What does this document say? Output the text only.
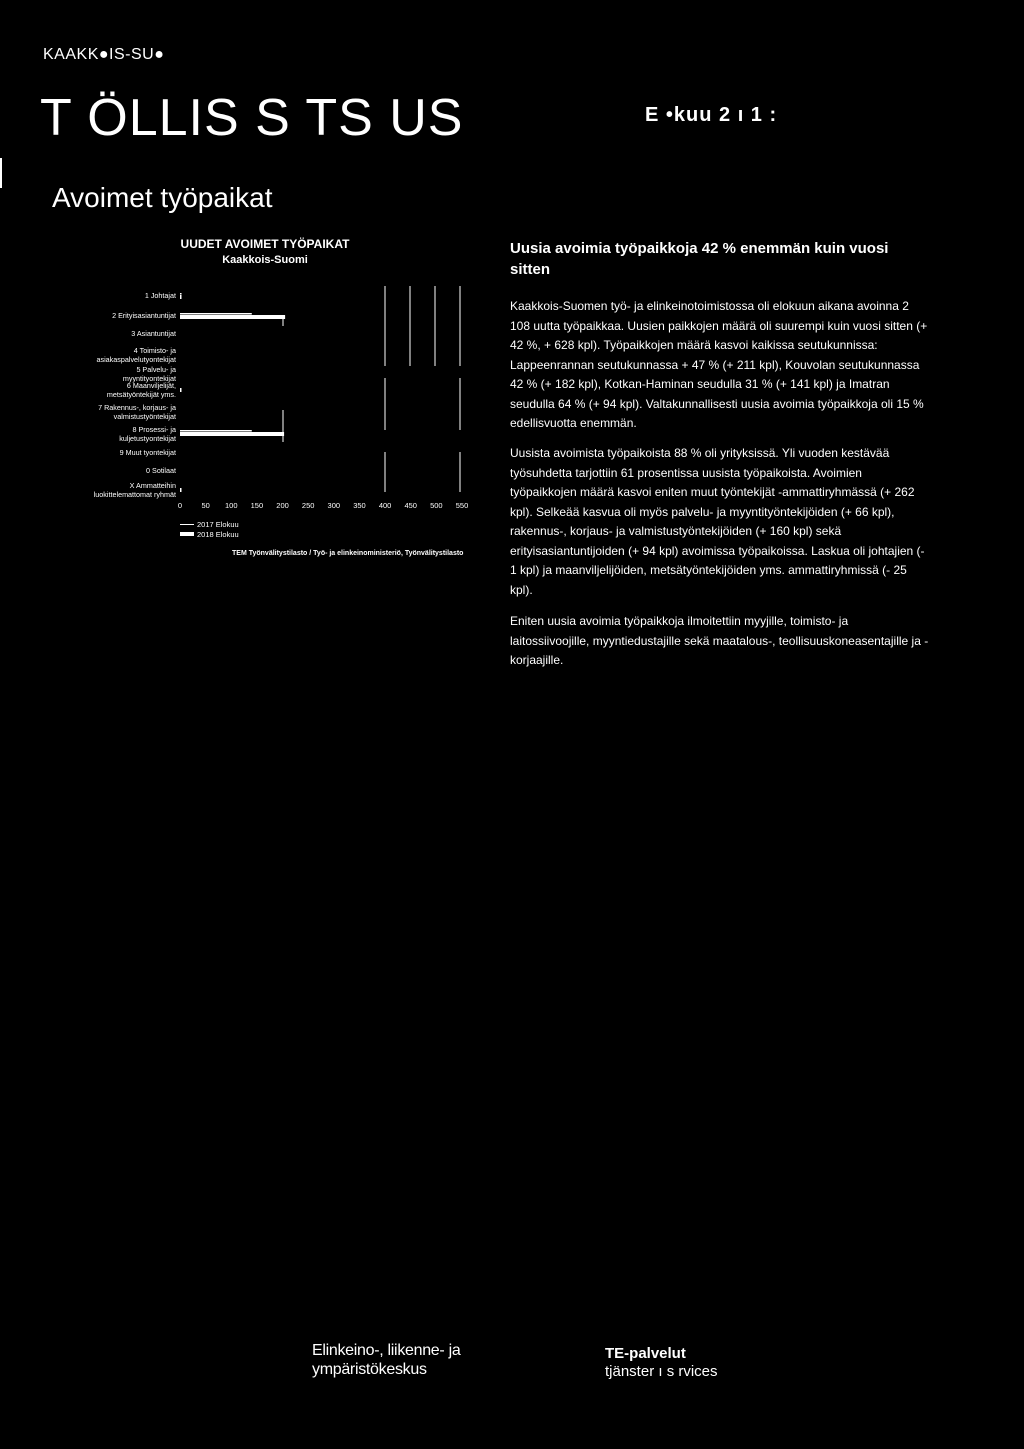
KAAKK●IS-SU●
T ÖLLIS S TS US	E •kuu 2 ı 1 :
Avoimet työpaikat
UUDET AVOIMET TYÖPAIKAT
Kaakkois-Suomi
1 Johtajat
2 Erityisasiantuntijat
3 Asiantuntijat
4 Toimisto- ja asiakaspalvelutyontekijat
5 Palvelu- ja myyntityontekijat
6 Maanviljelijät, metsätyöntekijät yms.
7 Rakennus-, korjaus- ja valmistustyöntekijat
8 Prosessi- ja kuljetustyontekijat
9 Muut tyontekijat
0 Sotilaat
X Ammatteihin luokittelemattomat ryhmät
0	50 100 150 200 250 300 350 400 450 500 550
2017 Elokuu
2018 Elokuu
TEM Työnvälitystilasto / Työ- ja elinkeinoministeriö, Työnvälitystilasto
Uusia avoimia työpaikkoja 42 % enemmän kuin vuosi sitten
Kaakkois-Suomen työ- ja elinkeinotoimistossa oli elokuun aikana avoinna 2 108 uutta työpaikkaa. Uusien paikkojen määrä oli suurempi kuin vuosi sitten (+ 42 %, + 628 kpl). Työpaikkojen määrä kasvoi kaikissa seutukunnissa: Lappeenrannan seutukunnassa + 47 % (+ 211 kpl), Kouvolan seutukunnassa 42 % (+ 182 kpl), Kotkan-Haminan seudulla 31 % (+ 141 kpl) ja Imatran seudulla 64 % (+ 94 kpl). Valtakunnallisesti uusia avoimia työpaikkoja oli 15 % edellisvuotta enemmän.
Uusista avoimista työpaikoista 88 % oli yrityksissä. Yli vuoden kestävää työsuhdetta tarjottiin 61 prosentissa uusista työpaikoista. Avoimien työpaikkojen määrä kasvoi eniten muut työntekijät -ammattiryhmässä (+ 262 kpl). Selkeää kasvua oli myös palvelu- ja myyntityöntekijöiden (+ 66 kpl), rakennus-, korjaus- ja valmistustyöntekijöiden (+ 160 kpl) sekä erityisasiantuntijoiden (+ 94 kpl) avoimissa työpaikoissa. Laskua oli johtajien (- 1 kpl) ja maanviljelijöiden, metsätyöntekijöiden yms. ammattiryhmissä (- 25 kpl).
Eniten uusia avoimia työpaikkoja ilmoitettiin myyjille, toimisto- ja laitossiivoojille, myyntiedustajille sekä maatalous-, teollisuuskoneasentajille ja -korjaajille.
Elinkeino-, liikenne- ja
ympäristökeskus
TE-palvelut
tjänster ı s rvices
